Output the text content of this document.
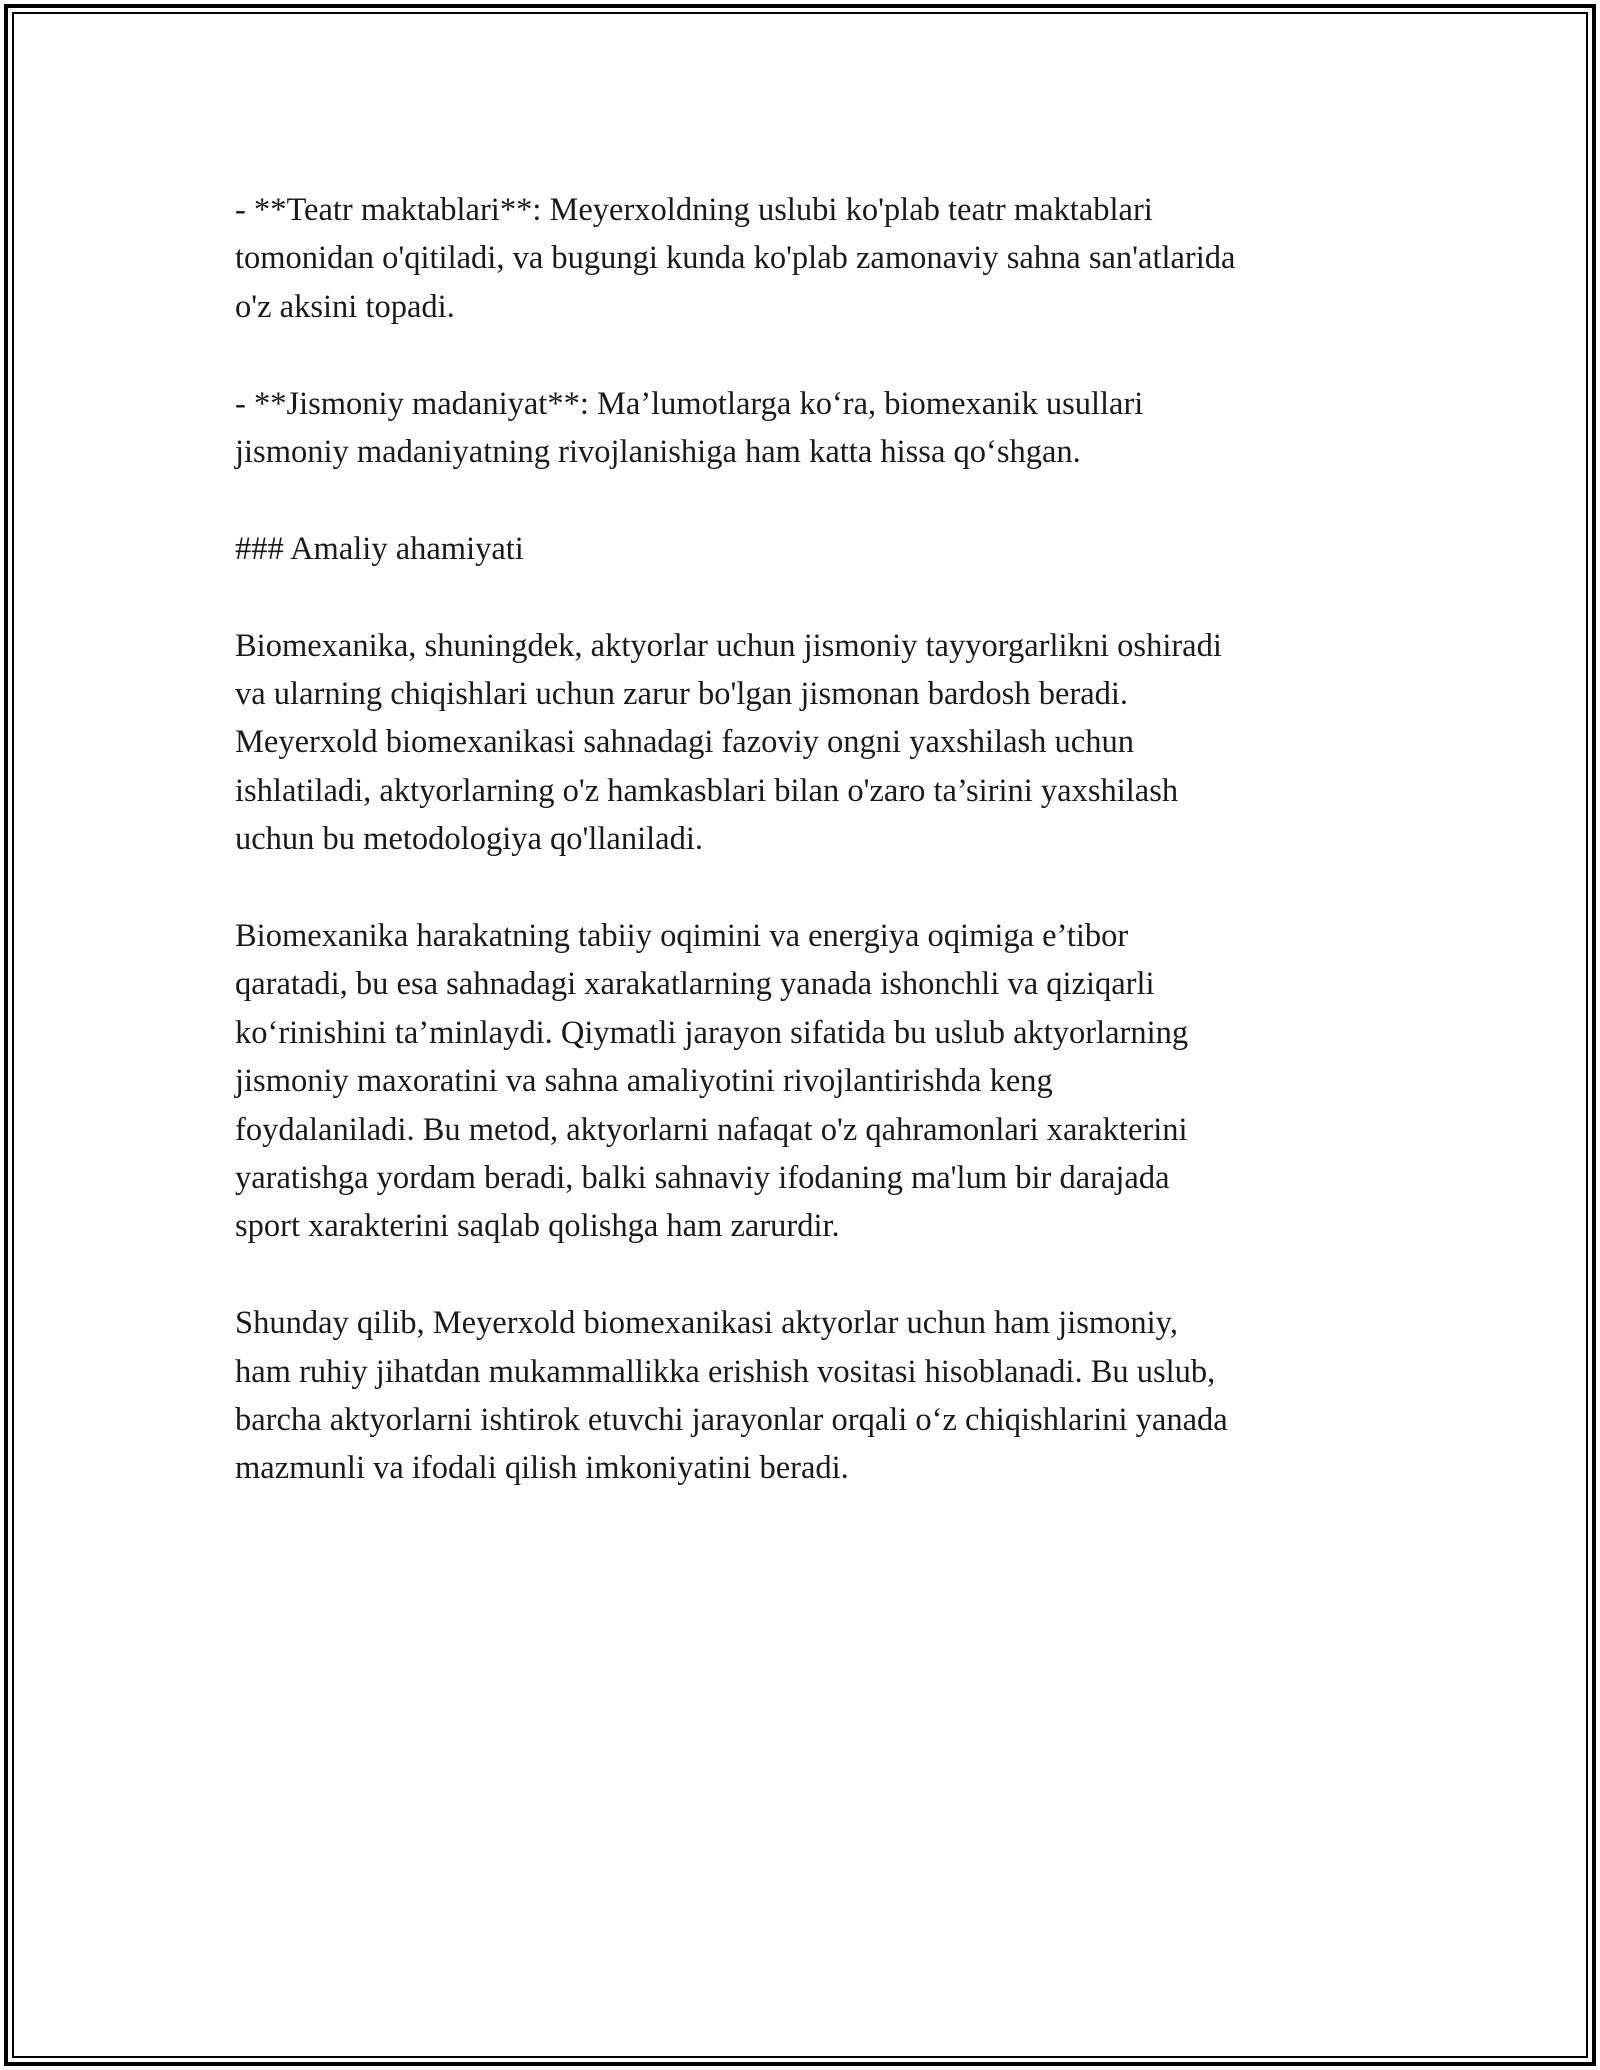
- **Teatr maktablari**: Meyerxoldning uslubi ko'plab teatr maktablari
tomonidan o'qitiladi, va bugungi kunda ko'plab zamonaviy sahna san'atlarida
o'z aksini topadi.

- **Jismoniy madaniyat**: Ma’lumotlarga ko‘ra, biomexanik usullari
jismoniy madaniyatning rivojlanishiga ham katta hissa qo‘shgan.

### Amaliy ahamiyati

Biomexanika, shuningdek, aktyorlar uchun jismoniy tayyorgarlikni oshiradi
va ularning chiqishlari uchun zarur bo'lgan jismonan bardosh beradi.
Meyerxold biomexanikasi sahnadagi fazoviy ongni yaxshilash uchun
ishlatiladi, aktyorlarning o'z hamkasblari bilan o'zaro ta’sirini yaxshilash
uchun bu metodologiya qo'llaniladi.

Biomexanika harakatning tabiiy oqimini va energiya oqimiga e’tibor
qaratadi, bu esa sahnadagi xarakatlarning yanada ishonchli va qiziqarli
ko‘rinishini ta’minlaydi. Qiymatli jarayon sifatida bu uslub aktyorlarning
jismoniy maxoratini va sahna amaliyotini rivojlantirishda keng
foydalaniladi. Bu metod, aktyorlarni nafaqat o'z qahramonlari xarakterini
yaratishga yordam beradi, balki sahnaviy ifodaning ma'lum bir darajada
sport xarakterini saqlab qolishga ham zarurdir.

Shunday qilib, Meyerxold biomexanikasi aktyorlar uchun ham jismoniy,
ham ruhiy jihatdan mukammallikka erishish vositasi hisoblanadi. Bu uslub,
barcha aktyorlarni ishtirok etuvchi jarayonlar orqali o‘z chiqishlarini yanada
mazmunli va ifodali qilish imkoniyatini beradi.
